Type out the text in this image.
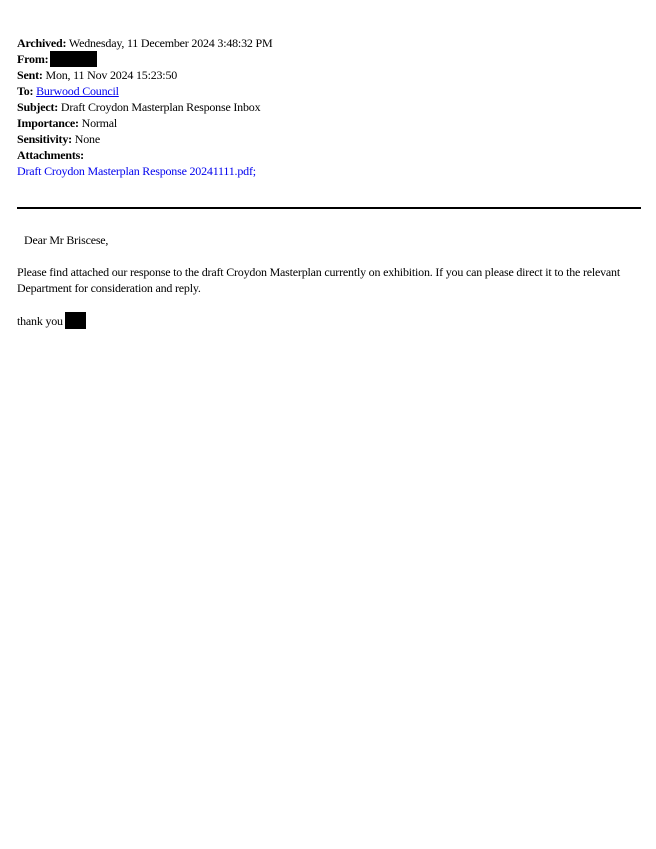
Archived: Wednesday, 11 December 2024 3:48:32 PM
From:
Sent: Mon, 11 Nov 2024 15:23:50
To: Burwood Council
Subject: Draft Croydon Masterplan Response Inbox
Importance: Normal
Sensitivity: None
Attachments:
Draft Croydon Masterplan Response 20241111.pdf;
Dear Mr Briscese,
Please find attached our response to the draft Croydon Masterplan currently on exhibition. If you can please direct it to the relevant Department for consideration and reply.
thank you
